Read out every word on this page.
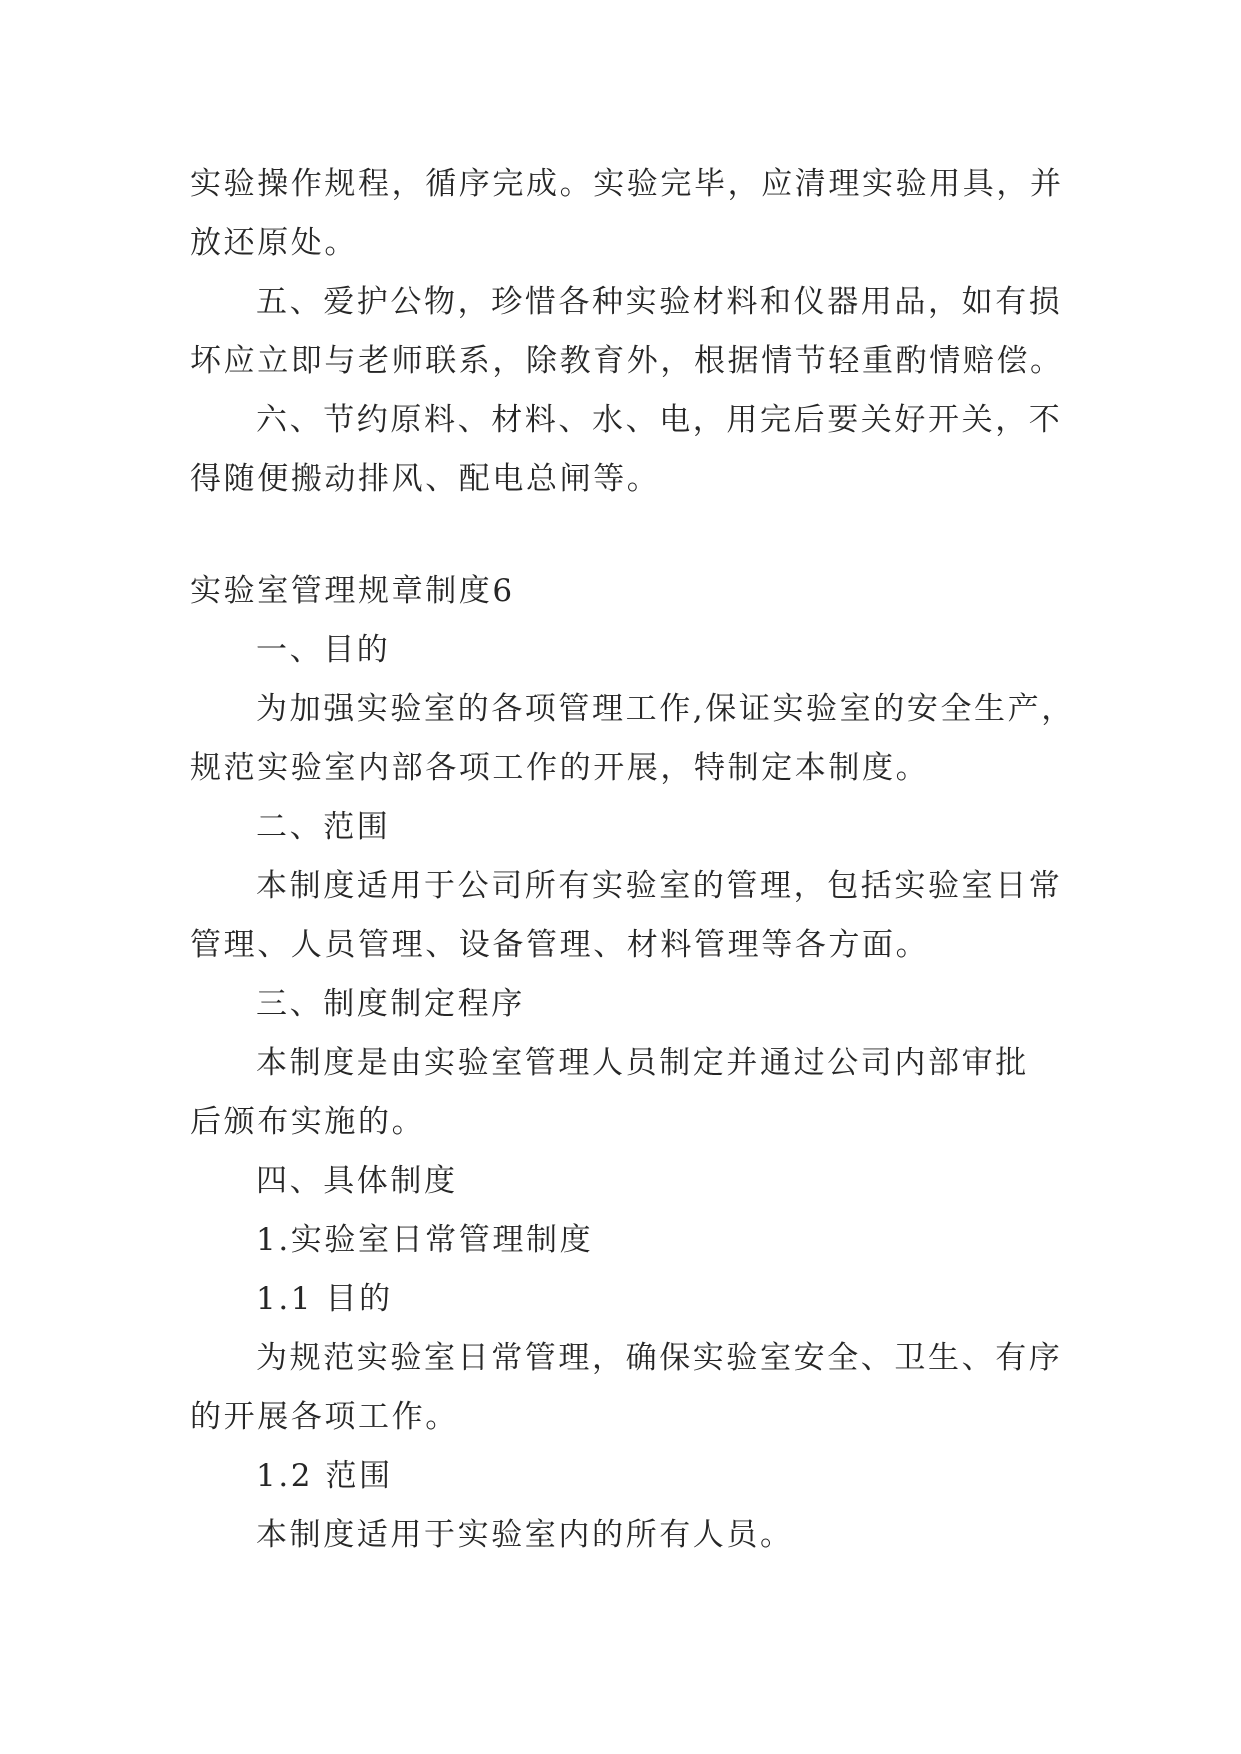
实验操作规程，循序完成。实验完毕，应清理实验用具，并

放还原处。

五、爱护公物，珍惜各种实验材料和仪器用品，如有损

坏应立即与老师联系，除教育外，根据情节轻重酌情赔偿。

六、节约原料、材料、水、电，用完后要关好开关，不

得随便搬动排风、配电总闸等。

实验室管理规章制度6

一、目的

为加强实验室的各项管理工作,保证实验室的安全生产，

规范实验室内部各项工作的开展，特制定本制度。

二、范围

本制度适用于公司所有实验室的管理，包括实验室日常

管理、人员管理、设备管理、材料管理等各方面。

三、制度制定程序

本制度是由实验室管理人员制定并通过公司内部审批

后颁布实施的。

四、具体制度

1.实验室日常管理制度

1.1 目的

为规范实验室日常管理，确保实验室安全、卫生、有序

的开展各项工作。

1.2 范围

本制度适用于实验室内的所有人员。
